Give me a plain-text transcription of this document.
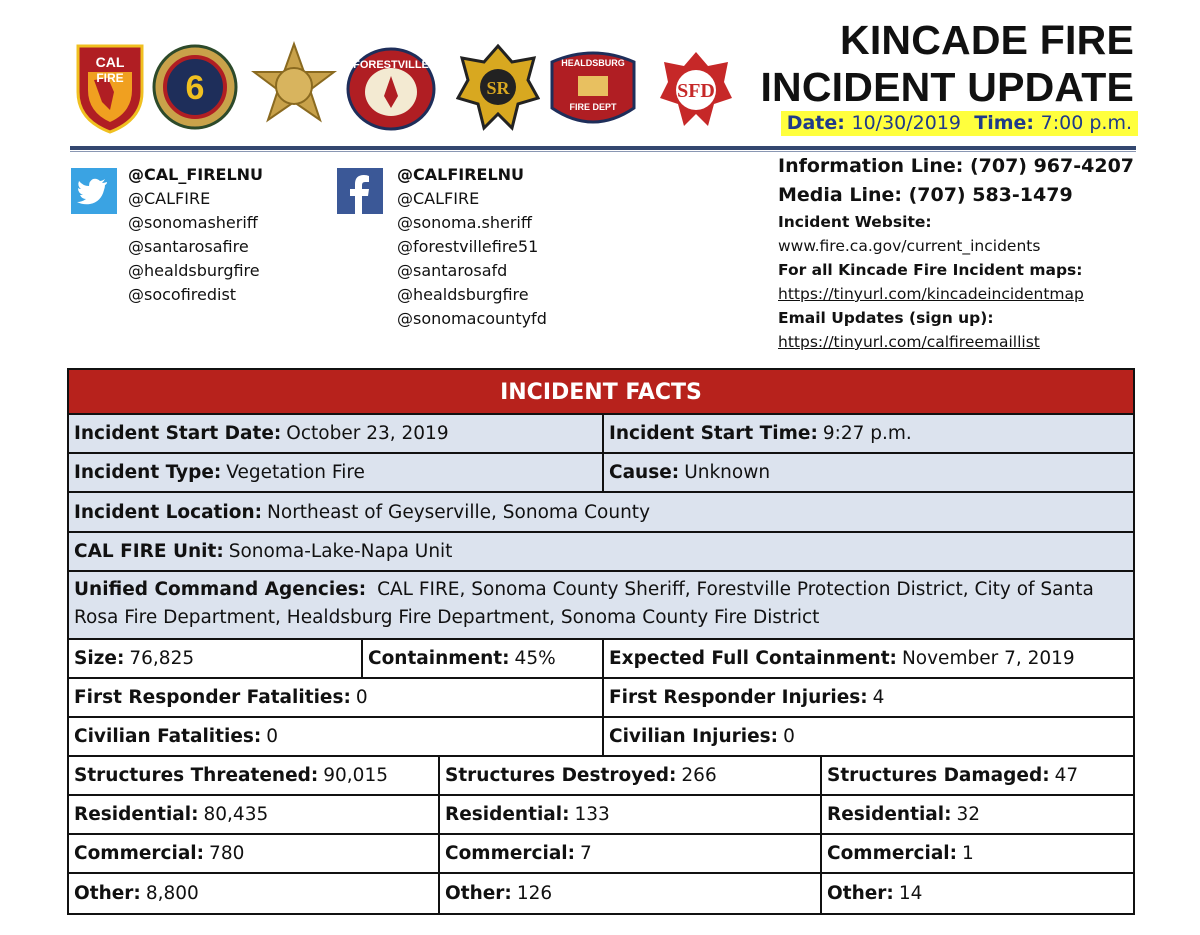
CAL
FIRE 6
FORESTVILLE
SR
HEALDSBURG
FIRE DEPT
SFD
KINCADE FIRE
INCIDENT UPDATE
Date: 10/30/2019 Time: 7:00 p.m.
@CAL_FIRELNU
@CALFIRE
@sonomasheriff
@santarosafire
@healdsburgfire
@socofiredist
@CALFIRELNU
@CALFIRE
@sonoma.sheriff
@forestvillefire51
@santarosafd
@healdsburgfire
@sonomacountyfd
Information Line: (707) 967-4207
Media Line: (707) 583-1479
Incident Website:
www.fire.ca.gov/current_incidents
For all Kincade Fire Incident maps:
https://tinyurl.com/kincadeincidentmap
Email Updates (sign up):
https://tinyurl.com/calfireemaillist
INCIDENT FACTS
Incident Start Date: October 23, 2019	Incident Start Time: 9:27 p.m.
Incident Type: Vegetation Fire	Cause: Unknown
Incident Location: Northeast of Geyserville, Sonoma County
CAL FIRE Unit: Sonoma-Lake-Napa Unit
Unified Command Agencies: CAL FIRE, Sonoma County Sheriff, Forestville Protection District, City of Santa Rosa Fire Department, Healdsburg Fire Department, Sonoma County Fire District
Size: 76,825	Containment: 45%	Expected Full Containment: November 7, 2019
First Responder Fatalities: 0	First Responder Injuries: 4
Civilian Fatalities: 0	Civilian Injuries: 0
Structures Threatened: 90,015	Structures Destroyed: 266	Structures Damaged: 47
Residential: 80,435	Residential: 133	Residential: 32
Commercial: 780	Commercial: 7	Commercial: 1
Other: 8,800	Other: 126	Other: 14
